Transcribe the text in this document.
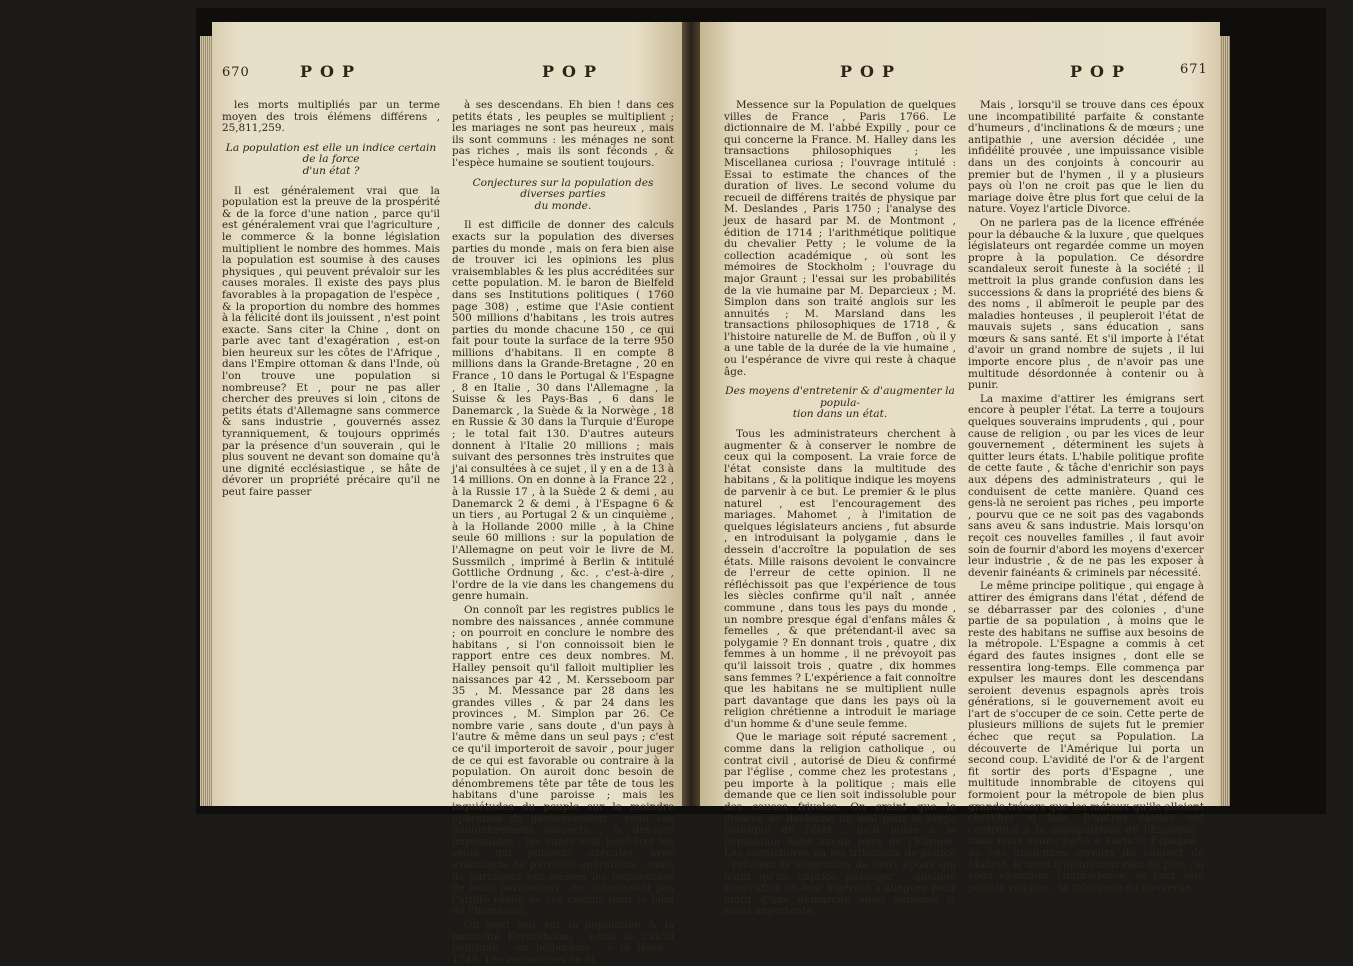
670	POP	POP

les morts multipliés par un terme moyen des trois élémens différens , 25,811,259.

La population est elle un indice certain de la force
d'un état ?

Il est généralement vrai que la population est la preuve de la prospérité & de la force d'une nation , parce qu'il est généralement vrai que l'agriculture , le commerce & la bonne législation multiplient le nombre des hommes. Mais la population est soumise à des causes physiques , qui peuvent prévaloir sur les causes morales. Il existe des pays plus favorables à la propagation de l'espèce , & la proportion du nombre des hommes à la félicité dont ils jouissent , n'est point exacte. Sans citer la Chine , dont on parle avec tant d'exagération , est-on bien heureux sur les côtes de l'Afrique , dans l'Empire ottoman & dans l'Inde, où l'on trouve une population si nombreuse? Et , pour ne pas aller chercher des preuves si loin , citons de petits états d'Allemagne sans commerce & sans industrie , gouvernés assez tyranniquement, & toujours opprimés par la présence d'un souverain , qui le plus souvent ne devant son domaine qu'à une dignité ecclésiastique , se hâte de dévorer un propriété précaire qu'il ne peut faire passer

à ses descendans. Eh bien ! dans ces petits états , les peuples se multiplient ; les mariages ne sont pas heureux , mais ils sont communs : les ménages ne sont pas riches , mais ils sont féconds , & l'espèce humaine se soutient toujours.

Conjectures sur la population des diverses parties
du monde.

Il est difficile de donner des calculs exacts sur la population des diverses parties du monde , mais on fera bien aise de trouver ici les opinions les plus vraisemblables & les plus accréditées sur cette population. M. le baron de Bielfeld dans ses Institutions politiques ( 1760 page 308) , estime que l'Asie contient 500 millions d'habitans , les trois autres parties du monde chacune 150 , ce qui fait pour toute la surface de la terre 950 millions d'habitans. Il en compte 8 millions dans la Grande-Bretagne , 20 en France , 10 dans le Portugal & l'Espagne , 8 en Italie , 30 dans l'Allemagne , la Suisse & les Pays-Bas , 6 dans le Danemarck , la Suède & la Norwège , 18 en Russie & 30 dans la Turquie d'Europe ; le total fait 130. D'autres auteurs donnent à l'Italie 20 millions ; mais suivant des personnes très instruites que j'ai consultées à ce sujet , il y en a de 13 à 14 millions. On en donne à la France 22 , à la Russie 17 , à la Suède 2 & demi , au Danemarck 2 & demi , à l'Espagne 6 & un tiers , au Portugal 2 & un cinquième , à la Hollande 2000 mille , à la Chine seule 60 millions : sur la population de l'Allemagne on peut voir le livre de M. Sussmilch , imprimé à Berlin & intitulé Gottliche Ordnung , &c. , c'est-à-dire , l'ordre de la vie dans les changemens du genre humain.

On connoît par les registres publics le nombre des naissances , année commune ; on pourroit en conclure le nombre des habitans , si l'on connoissoit bien le rapport entre ces deux nombres. M. Halley pensoit qu'il falloit multiplier les naissances par 42 , M. Kersseboom par 35 , M. Messance par 28 dans les grandes villes , & par 24 dans les provinces , M. Simplon par 26. Ce nombre varie , sans doute , d'un pays à l'autre & même dans un seul pays ; c'est ce qu'il importeroit de savoir , pour juger de ce qui est favorable ou contraire à la population. On auroit donc besoin de dénombremens tête par tête de tous les habitans d'une paroisse ; mais les inquiétudes du peuple sur la moindre opération du gouvernement , rend ces dénombremens suspects , & des-lors impossibles ; les curés sont peut-être les seuls qui puissent exécuter avec exactitude de pareilles opérations ; mais ils partagent eux-mêmes les inquiétudes de leurs paroissiens , ne connoissant pas l'utilité réelle de ces calculs pour le bien de l'humanité.

On peut voir sur la population & la mortalité Kersseboom , essai de calcul politique , en hollandois , à la Haye , 1748. Les recherches de M.

POP	POP	671

Messence sur la Population de quelques villes de France , Paris 1766. Le dictionnaire de M. l'abbé Expilly , pour ce qui concerne la France. M. Halley dans les transactions philosophiques ; les Miscellanea curiosa ; l'ouvrage intitulé : Essai to estimate the chances of the duration of lives. Le second volume du recueil de différens traités de physique par M. Deslandes , Paris 1750 ; l'analyse des jeux de hasard par M. de Montmont , édition de 1714 ; l'arithmétique politique du chevalier Petty ; le volume de la collection académique , où sont les mémoires de Stockholm ; l'ouvrage du major Graunt ; l'essai sur les probabilités de la vie humaine par M. Deparcieux ; M. Simplon dans son traité anglois sur les annuités ; M. Marsland dans les transactions philosophiques de 1718 , & l'histoire naturelle de M. de Buffon , où il y a une table de la durée de la vie humaine , ou l'espérance de vivre qui reste à chaque âge.

Des moyens d'entretenir & d'augmenter la popula-
tion dans un état.

Tous les administrateurs cherchent à augmenter & à conserver le nombre de ceux qui la composent. La vraie force de l'état consiste dans la multitude des habitans , & la politique indique les moyens de parvenir à ce but. Le premier & le plus naturel , est l'encouragement des mariages. Mahomet , à l'imitation de quelques législateurs anciens , fut absurde , en introduisant la polygamie , dans le dessein d'accroître la population de ses états. Mille raisons devoient le convaincre de l'erreur de cette opinion. Il ne réfléchissoit pas que l'expérience de tous les siècles confirme qu'il naît , année commune , dans tous les pays du monde , un nombre presque égal d'enfans mâles & femelles , & que prétendant-il avec sa polygamie ? En donnant trois , quatre , dix femmes à un homme , il ne prévoyoit pas qu'il laissoit trois , quatre , dix hommes sans femmes ? L'expérience a fait connoître que les habitans ne se multiplient nulle part davantage que dans les pays où la religion chrétienne a introduit le mariage d'un homme & d'une seule femme.

Que le mariage soit réputé sacrement , comme dans la religion catholique , ou contrat civil , autorisé de Dieu & confirmé par l'église , comme chez les protestans , peu importe à la politique ; mais elle demande que ce lien soit indissoluble pour des causes frivoles. On craint que le divorce ne devienne un mal pour le corps politique de l'état , qu'il nuise à la population dans aucun pays de l'Europe. Les consistoires ou les tribunaux de justice , refusent la séparation de deux époux qui n'ont qu'un caprice passager , quelque altercation ou leur légereté à alléguer pour motif d'une démarche aussi sérieuse & aussi importante.

Mais , lorsqu'il se trouve dans ces époux une incompatibilité parfaite & constante d'humeurs , d'inclinations & de mœurs ; une antipathie , une aversion décidée , une infidélité prouvée , une impuissance visible dans un des conjoints à concourir au premier but de l'hymen , il y a plusieurs pays où l'on ne croit pas que le lien du mariage doive être plus fort que celui de la nature. Voyez l'article Divorce.

On ne parlera pas de la licence effrénée pour la débauche & la luxure , que quelques législateurs ont regardée comme un moyen propre à la population. Ce désordre scandaleux seroit funeste à la société ; il mettroit la plus grande confusion dans les successions & dans la propriété des biens & des noms , il abîmeroit le peuple par des maladies honteuses , il peupleroit l'état de mauvais sujets , sans éducation , sans mœurs & sans santé. Et s'il importe à l'état d'avoir un grand nombre de sujets , il lui importe encore plus , de n'avoir pas une multitude désordonnée à contenir ou à punir.

La maxime d'attirer les émigrans sert encore à peupler l'état. La terre a toujours quelques souverains imprudents , qui , pour cause de religion , ou par les vices de leur gouvernement , déterminent les sujets à quitter leurs états. L'habile politique profite de cette faute , & tâche d'enrichir son pays aux dépens des administrateurs , qui le conduisent de cette manière. Quand ces gens-là ne seroient pas riches , peu importe , pourvu que ce ne soit pas des vagabonds sans aveu & sans industrie. Mais lorsqu'on reçoit ces nouvelles familles , il faut avoir soin de fournir d'abord les moyens d'exercer leur industrie , & de ne pas les exposer à devenir fainéants & criminels par nécessité.

Le même principe politique , qui engage à attirer des émigrans dans l'état , défend de se débarrasser par des colonies , d'une partie de sa population , à moins que le reste des habitans ne suffise aux besoins de la métropole. L'Espagne a commis à cet égard des fautes insignes , dont elle se ressentira long-temps. Elle commença par expulser les maures dont les descendans seroient devenus espagnols après trois générations, si le gouvernement avoit eu l'art de s'occuper de ce soin. Cette perte de plusieurs millions de sujets fut le premier échec que reçut sa Population. La découverte de l'Amérique lui porta un second coup. L'avidité de l'or & de l'argent fit sortir des ports d'Espagne , une multitude innombrable de citoyens qui formoient pour la métropole de bien plus grands trésors que les métaux qu'ils alloient chercher si loin. D'autres causes ont contribué à la dépopulation de l'Espagne , mais nous avons parlé à l'article Espagne , de ces anciennes erreurs du cabinet de Madrid, & nous n'ajouterons rien de plus : si vous examinez l'imprudence, le faux zèle pour la religion , la tolérance du gouverne-
